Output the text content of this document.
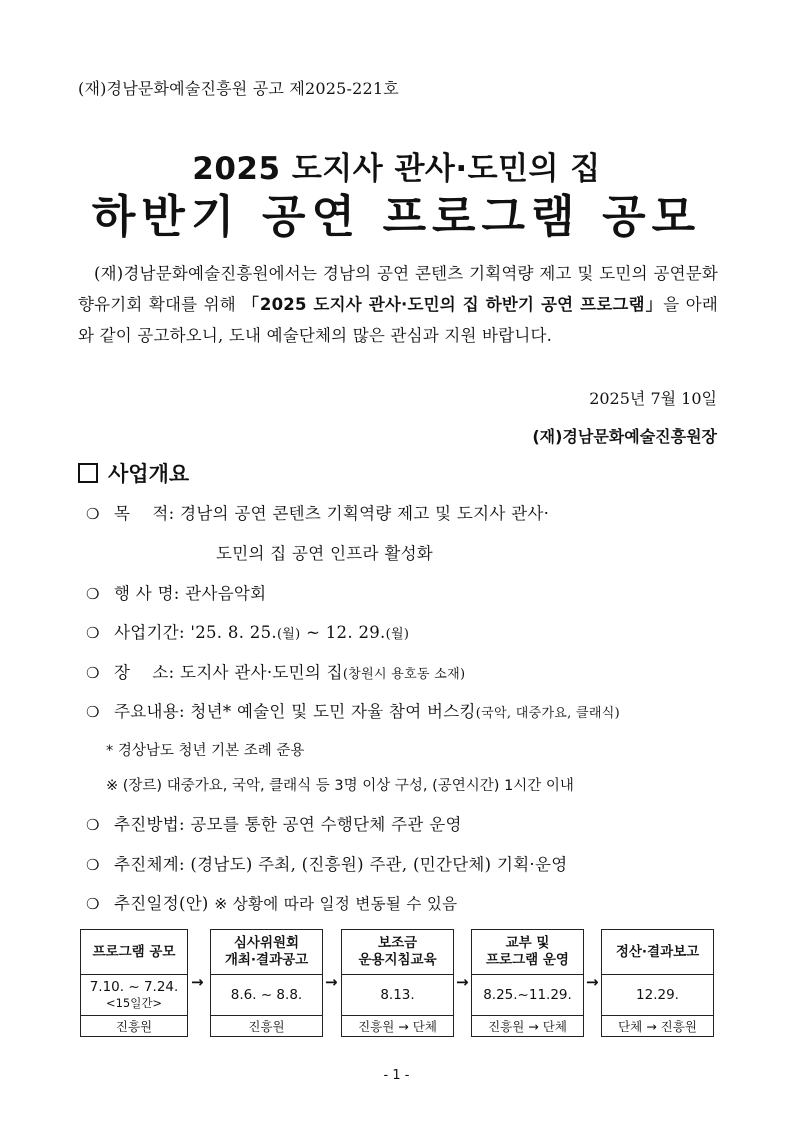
(재)경남문화예술진흥원 공고 제2025-221호
2025 도지사 관사·도민의 집
하반기 공연 프로그램 공모
(재)경남문화예술진흥원에서는 경남의 공연 콘텐츠 기획역량 제고 및 도민의 공연문화 향유기회 확대를 위해 「2025 도지사 관사·도민의 집 하반기 공연 프로그램」을 아래와 같이 공고하오니, 도내 예술단체의 많은 관심과 지원 바랍니다.
2025년 7월 10일
(재)경남문화예술진흥원장
사업개요
❍ 목    적: 경남의 공연 콘텐츠 기획역량 제고 및 도지사 관사·
도민의 집 공연 인프라 활성화
❍ 행 사 명: 관사음악회
❍ 사업기간: '25. 8. 25.(월) ~ 12. 29.(월)
❍ 장    소: 도지사 관사·도민의 집(창원시 용호동 소재)
❍ 주요내용: 청년* 예술인 및 도민 자율 참여 버스킹(국악, 대중가요, 클래식)
* 경상남도 청년 기본 조례 준용
※ (장르) 대중가요, 국악, 클래식 등 3명 이상 구성, (공연시간) 1시간 이내
❍ 추진방법: 공모를 통한 공연 수행단체 주관 운영
❍ 추진체계: (경남도) 주최, (진흥원) 주관, (민간단체) 기획·운영
❍ 추진일정(안) ※ 상황에 따라 일정 변동될 수 있음
프로그램 공모
7.10. ~ 7.24.
<15일간>
진흥원
→
심사위원회
개최·결과공고
8.6. ~ 8.8.
진흥원
→
보조금
운용지침교육
8.13.
진흥원 → 단체
→
교부 및
프로그램 운영
8.25.~11.29.
진흥원 → 단체
→
정산·결과보고
12.29.
단체 → 진흥원
- 1 -
